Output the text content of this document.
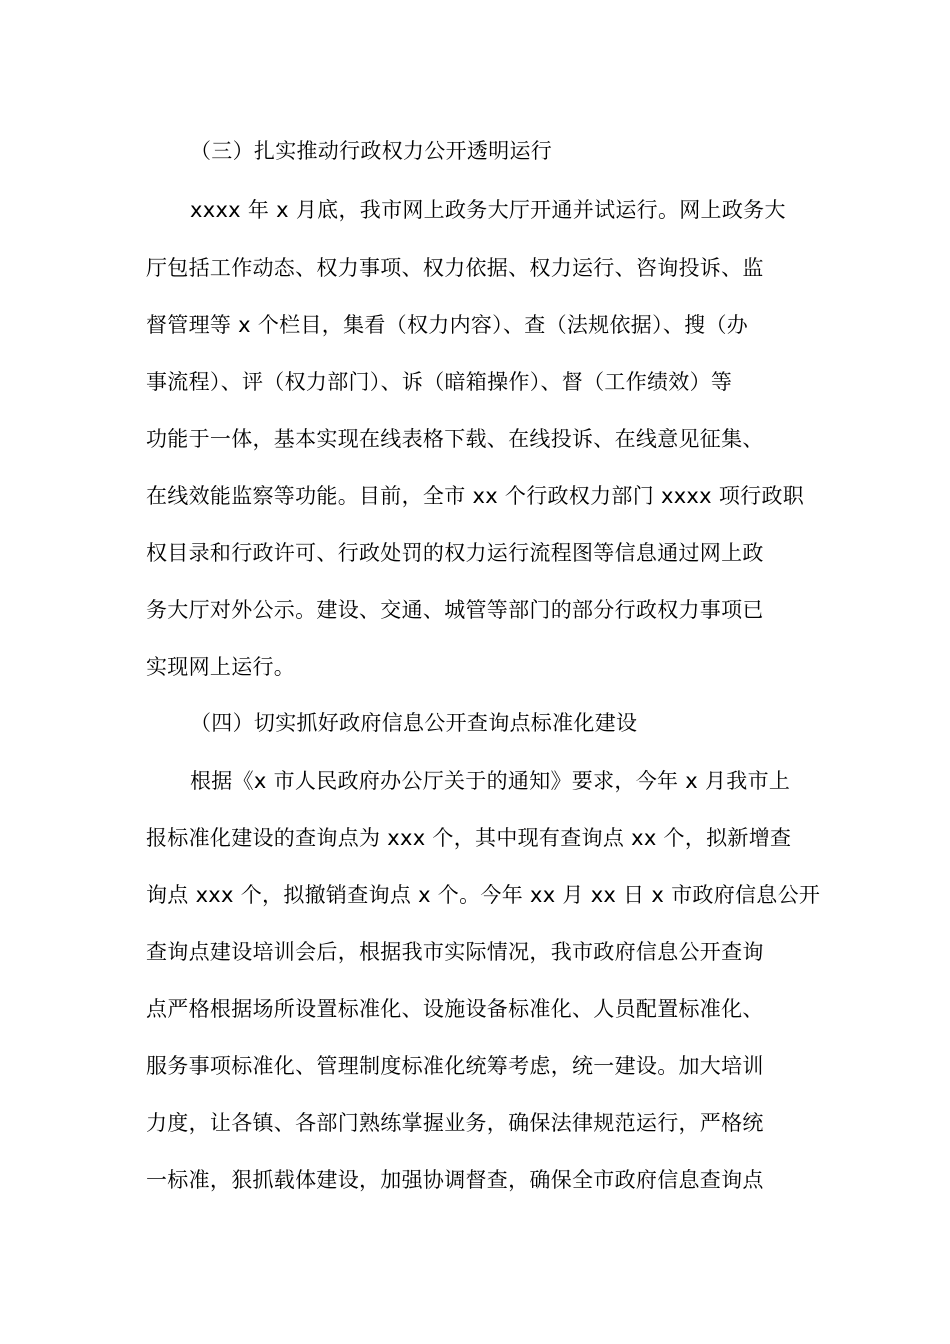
（三）扎实推动行政权力公开透明运行
xxxx 年 x 月底，我市网上政务大厅开通并试运行。网上政务大
厅包括工作动态、权力事项、权力依据、权力运行、咨询投诉、监
督管理等 x 个栏目，集看（权力内容）、查（法规依据）、搜（办
事流程）、评（权力部门）、诉（暗箱操作）、督（工作绩效）等
功能于一体，基本实现在线表格下载、在线投诉、在线意见征集、
在线效能监察等功能。目前，全市 xx 个行政权力部门 xxxx 项行政职
权目录和行政许可、行政处罚的权力运行流程图等信息通过网上政
务大厅对外公示。建设、交通、城管等部门的部分行政权力事项已
实现网上运行。
（四）切实抓好政府信息公开查询点标准化建设
根据《x 市人民政府办公厅关于的通知》要求，今年 x 月我市上
报标准化建设的查询点为 xxx 个，其中现有查询点 xx 个，拟新增查
询点 xxx 个，拟撤销查询点 x 个。今年 xx 月 xx 日 x 市政府信息公开
查询点建设培训会后，根据我市实际情况，我市政府信息公开查询
点严格根据场所设置标准化、设施设备标准化、人员配置标准化、
服务事项标准化、管理制度标准化统筹考虑，统一建设。加大培训
力度，让各镇、各部门熟练掌握业务，确保法律规范运行，严格统
一标准，狠抓载体建设，加强协调督查，确保全市政府信息查询点
